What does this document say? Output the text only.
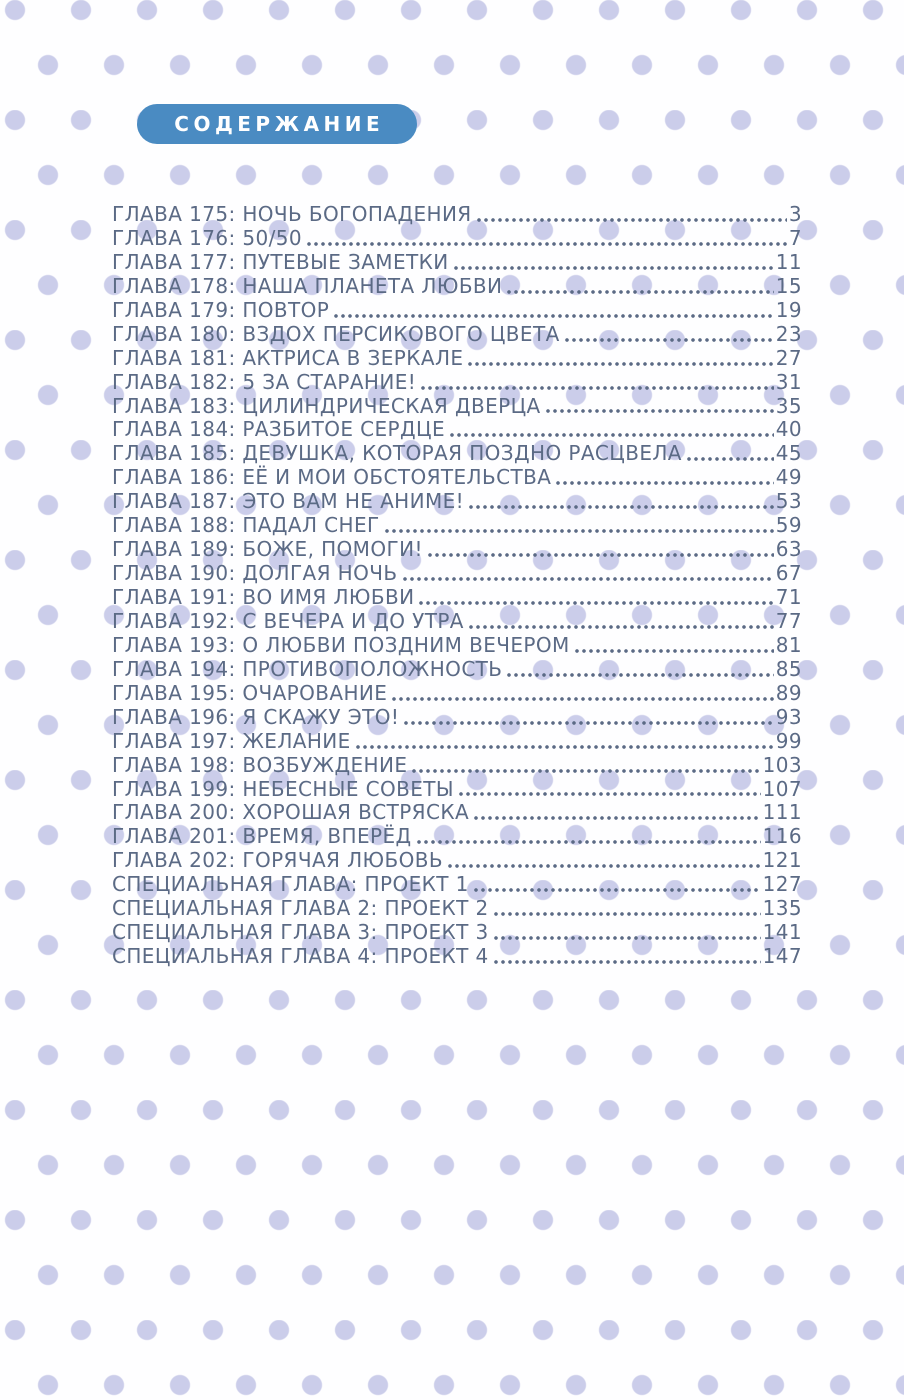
СОДЕРЖАНИЕ
ГЛАВА 175: НОЧЬ БОГОПАДЕНИЯ	3
ГЛАВА 176: 50/50	7
ГЛАВА 177: ПУТЕВЫЕ ЗАМЕТКИ	11
ГЛАВА 178: НАША ПЛАНЕТА ЛЮБВИ	15
ГЛАВА 179: ПОВТОР	19
ГЛАВА 180: ВЗДОХ ПЕРСИКОВОГО ЦВЕТА	23
ГЛАВА 181: АКТРИСА В ЗЕРКАЛЕ	27
ГЛАВА 182: 5 ЗА СТАРАНИЕ!	31
ГЛАВА 183: ЦИЛИНДРИЧЕСКАЯ ДВЕРЦА	35
ГЛАВА 184: РАЗБИТОЕ СЕРДЦЕ	40
ГЛАВА 185: ДЕВУШКА, КОТОРАЯ ПОЗДНО РАСЦВЕЛА	45
ГЛАВА 186: ЕЁ И МОИ ОБСТОЯТЕЛЬСТВА	49
ГЛАВА 187: ЭТО ВАМ НЕ АНИМЕ!	53
ГЛАВА 188: ПАДАЛ СНЕГ	59
ГЛАВА 189: БОЖЕ, ПОМОГИ!	63
ГЛАВА 190: ДОЛГАЯ НОЧЬ	67
ГЛАВА 191: ВО ИМЯ ЛЮБВИ	71
ГЛАВА 192: С ВЕЧЕРА И ДО УТРА	77
ГЛАВА 193: О ЛЮБВИ ПОЗДНИМ ВЕЧЕРОМ	81
ГЛАВА 194: ПРОТИВОПОЛОЖНОСТЬ	85
ГЛАВА 195: ОЧАРОВАНИЕ	89
ГЛАВА 196: Я СКАЖУ ЭТО!	93
ГЛАВА 197: ЖЕЛАНИЕ	99
ГЛАВА 198: ВОЗБУЖДЕНИЕ	103
ГЛАВА 199: НЕБЕСНЫЕ СОВЕТЫ	107
ГЛАВА 200: ХОРОШАЯ ВСТРЯСКА	111
ГЛАВА 201: ВРЕМЯ, ВПЕРЁД	116
ГЛАВА 202: ГОРЯЧАЯ ЛЮБОВЬ	121
СПЕЦИАЛЬНАЯ ГЛАВА: ПРОЕКТ 1	127
СПЕЦИАЛЬНАЯ ГЛАВА 2: ПРОЕКТ 2	135
СПЕЦИАЛЬНАЯ ГЛАВА 3: ПРОЕКТ 3	141
СПЕЦИАЛЬНАЯ ГЛАВА 4: ПРОЕКТ 4	147
